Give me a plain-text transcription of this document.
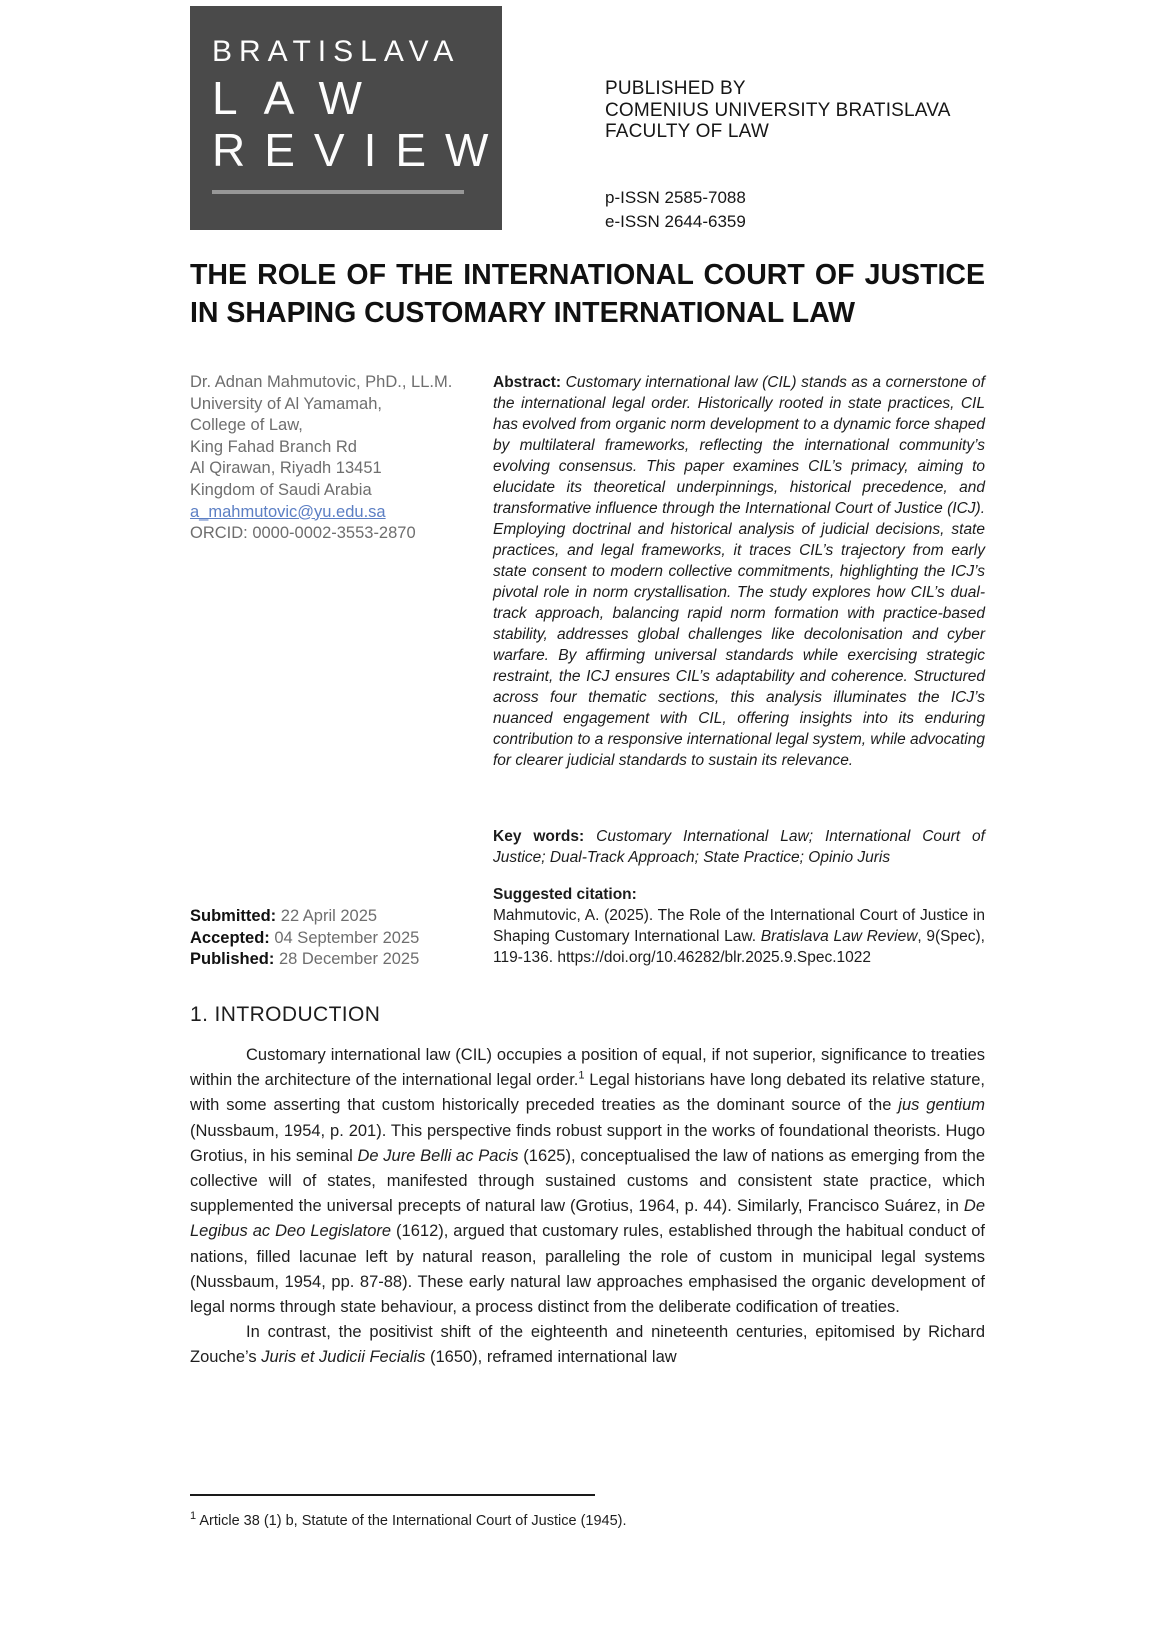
BRATISLAVA
LAW
REVIEW
PUBLISHED BY
COMENIUS UNIVERSITY BRATISLAVA
FACULTY OF LAW
p-ISSN 2585-7088
e-ISSN 2644-6359
THE ROLE OF THE INTERNATIONAL COURT OF JUSTICE
IN SHAPING CUSTOMARY INTERNATIONAL LAW
Dr. Adnan Mahmutovic, PhD., LL.M.
University of Al Yamamah,
College of Law,
King Fahad Branch Rd
Al Qirawan, Riyadh 13451
Kingdom of Saudi Arabia
a_mahmutovic@yu.edu.sa
ORCID: 0000-0002-3553-2870

Abstract: Customary international law (CIL) stands as a cornerstone of the international legal order. Historically rooted in state practices, CIL has evolved from organic norm development to a dynamic force shaped by multilateral frameworks, reflecting the international community’s evolving consensus. This paper examines CIL’s primacy, aiming to elucidate its theoretical underpinnings, historical precedence, and transformative influence through the International Court of Justice (ICJ). Employing doctrinal and historical analysis of judicial decisions, state practices, and legal frameworks, it traces CIL’s trajectory from early state consent to modern collective commitments, highlighting the ICJ’s pivotal role in norm crystallisation. The study explores how CIL’s dual-track approach, balancing rapid norm formation with practice-based stability, addresses global challenges like decolonisation and cyber warfare. By affirming universal standards while exercising strategic restraint, the ICJ ensures CIL’s adaptability and coherence. Structured across four thematic sections, this analysis illuminates the ICJ’s nuanced engagement with CIL, offering insights into its enduring contribution to a responsive international legal system, while advocating for clearer judicial standards to sustain its relevance.

Key words: Customary International Law; International Court of Justice; Dual-Track Approach; State Practice; Opinio Juris

Suggested citation:
Mahmutovic, A. (2025). The Role of the International Court of Justice in Shaping Customary International Law. Bratislava Law Review, 9(Spec), 119-136. https://doi.org/10.46282/blr.2025.9.Spec.1022

Submitted: 22 April 2025
Accepted: 04 September 2025
Published: 28 December 2025
1. INTRODUCTION

Customary international law (CIL) occupies a position of equal, if not superior, significance to treaties within the architecture of the international legal order.$^1$ Legal historians have long debated its relative stature, with some asserting that custom historically preceded treaties as the dominant source of the jus gentium (Nussbaum, 1954, p. 201). This perspective finds robust support in the works of foundational theorists. Hugo Grotius, in his seminal De Jure Belli ac Pacis (1625), conceptualised the law of nations as emerging from the collective will of states, manifested through sustained customs and consistent state practice, which supplemented the universal precepts of natural law (Grotius, 1964, p. 44). Similarly, Francisco Suárez, in De Legibus ac Deo Legislatore (1612), argued that customary rules, established through the habitual conduct of nations, filled lacunae left by natural reason, paralleling the role of custom in municipal legal systems (Nussbaum, 1954, pp. 87-88). These early natural law approaches emphasised the organic development of legal norms through state behaviour, a process distinct from the deliberate codification of treaties.

In contrast, the positivist shift of the eighteenth and nineteenth centuries, epitomised by Richard Zouche’s Juris et Judicii Fecialis (1650), reframed international law

$^1$ Article 38 (1) b, Statute of the International Court of Justice (1945).
